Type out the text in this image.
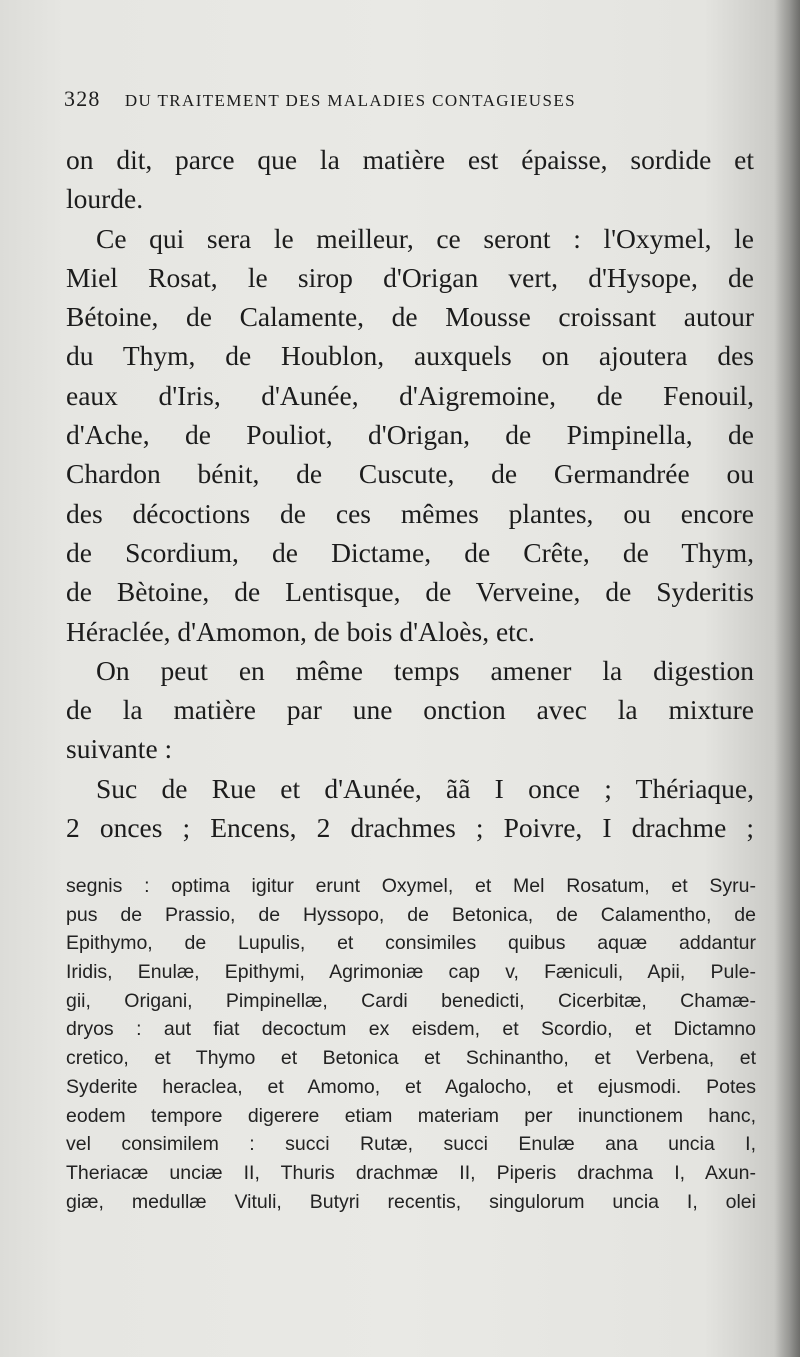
328 DU TRAITEMENT DES MALADIES CONTAGIEUSES
on dit, parce que la matière est épaisse, sordide et
lourde.
Ce qui sera le meilleur, ce seront : l'Oxymel, le
Miel Rosat, le sirop d'Origan vert, d'Hysope, de
Bétoine, de Calamente, de Mousse croissant autour
du Thym, de Houblon, auxquels on ajoutera des
eaux d'Iris, d'Aunée, d'Aigremoine, de Fenouil,
d'Ache, de Pouliot, d'Origan, de Pimpinella, de
Chardon bénit, de Cuscute, de Germandrée ou
des décoctions de ces mêmes plantes, ou encore
de Scordium, de Dictame, de Crête, de Thym,
de Bètoine, de Lentisque, de Verveine, de Syderitis
Héraclée, d'Amomon, de bois d'Aloès, etc.
On peut en même temps amener la digestion
de la matière par une onction avec la mixture
suivante :
Suc de Rue et d'Aunée, ãã I once ; Thériaque,
2 onces ; Encens, 2 drachmes ; Poivre, I drachme ;
segnis : optima igitur erunt Oxymel, et Mel Rosatum, et Syru-
pus de Prassio, de Hyssopo, de Betonica, de Calamentho, de
Epithymo, de Lupulis, et consimiles quibus aquæ addantur
Iridis, Enulæ, Epithymi, Agrimoniæ cap v, Fæniculi, Apii, Pule-
gii, Origani, Pimpinellæ, Cardi benedicti, Cicerbitæ, Chamæ-
dryos : aut fiat decoctum ex eisdem, et Scordio, et Dictamno
cretico, et Thymo et Betonica et Schinantho, et Verbena, et
Syderite heraclea, et Amomo, et Agalocho, et ejusmodi. Potes
eodem tempore digerere etiam materiam per inunctionem hanc,
vel consimilem : succi Rutæ, succi Enulæ ana uncia I,
Theriacæ unciæ II, Thuris drachmæ II, Piperis drachma I, Axun-
giæ, medullæ Vituli, Butyri recentis, singulorum uncia I, olei
